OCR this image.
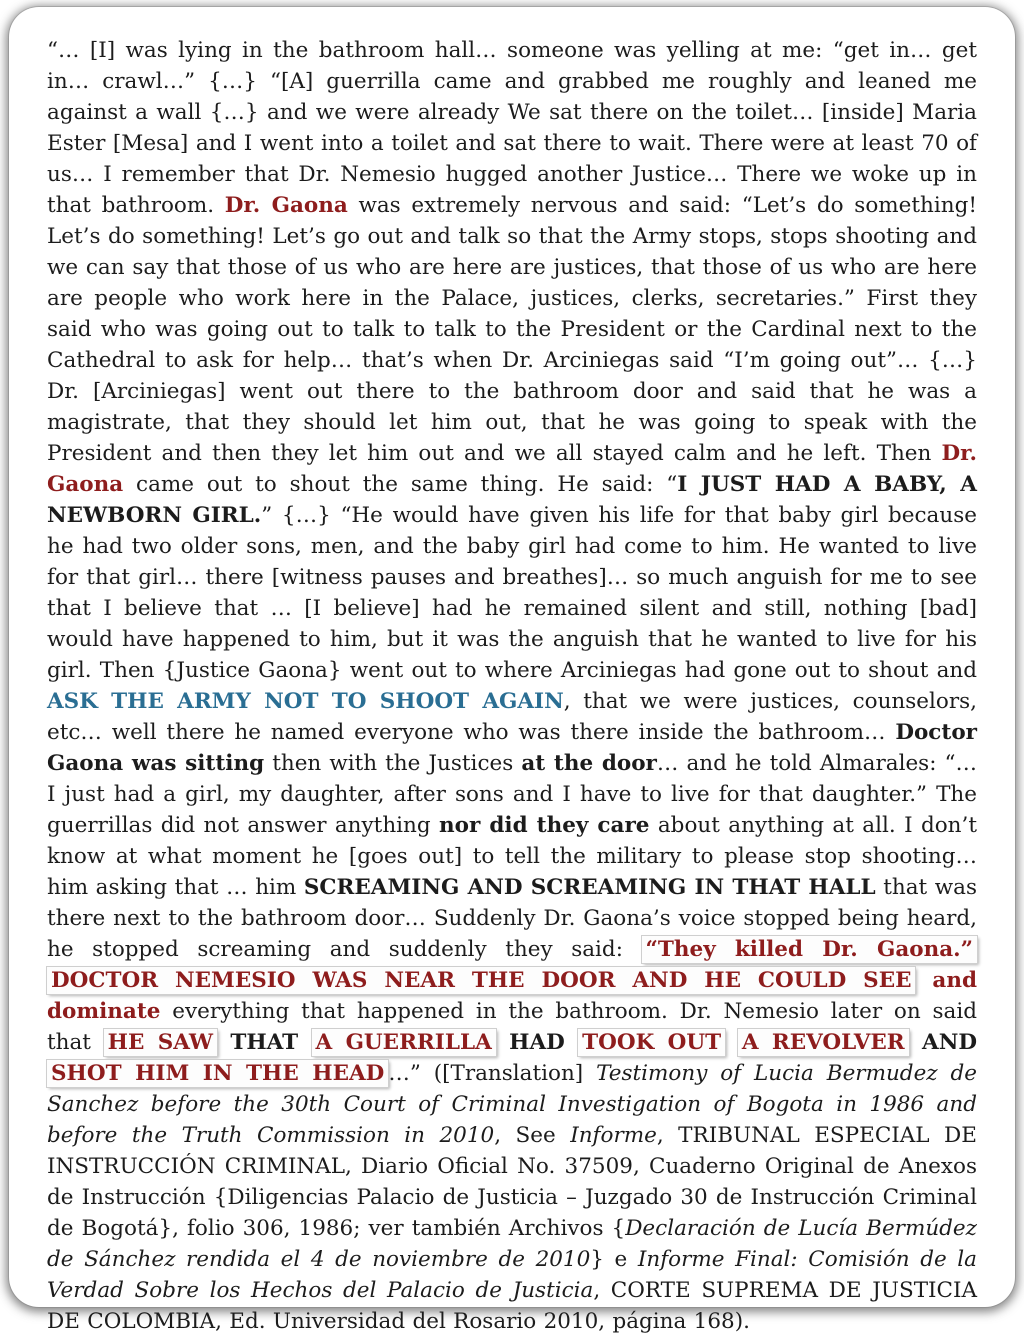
“… [I] was lying in the bathroom hall… someone was yelling at me: “get in… get in… crawl…” {…} “[A] guerrilla came and grabbed me roughly and leaned me against a wall {…} and we were already We sat there on the toilet… [inside] Maria Ester [Mesa] and I went into a toilet and sat there to wait. There were at least 70 of us… I remember that Dr. Nemesio hugged another Justice… There we woke up in that bathroom. Dr. Gaona was extremely nervous and said: “Let’s do something! Let’s do something! Let’s go out and talk so that the Army stops, stops shooting and we can say that those of us who are here are justices, that those of us who are here are people who work here in the Palace, justices, clerks, secretaries.” First they said who was going out to talk to talk to the President or the Cardinal next to the Cathedral to ask for help… that’s when Dr. Arciniegas said “I’m going out”… {…} Dr. [Arciniegas] went out there to the bathroom door and said that he was a magistrate, that they should let him out, that he was going to speak with the President and then they let him out and we all stayed calm and he left. Then Dr. Gaona came out to shout the same thing. He said: “I JUST HAD A BABY, A NEWBORN GIRL.” {…} “He would have given his life for that baby girl because he had two older sons, men, and the baby girl had come to him. He wanted to live for that girl… there [witness pauses and breathes]… so much anguish for me to see that I believe that … [I believe] had he remained silent and still, nothing [bad] would have happened to him, but it was the anguish that he wanted to live for his girl. Then {Justice Gaona} went out to where Arciniegas had gone out to shout and ASK THE ARMY NOT TO SHOOT AGAIN, that we were justices, counselors, etc… well there he named everyone who was there inside the bathroom… Doctor Gaona was sitting then with the Justices at the door… and he told Almarales: “… I just had a girl, my daughter, after sons and I have to live for that daughter.” The guerrillas did not answer anything nor did they care about anything at all. I don’t know at what moment he [goes out] to tell the military to please stop shooting… him asking that … him SCREAMING AND SCREAMING IN THAT HALL that was there next to the bathroom door… Suddenly Dr. Gaona’s voice stopped being heard, he stopped screaming and suddenly they said: “They killed Dr. Gaona.” DOCTOR NEMESIO WAS NEAR THE DOOR AND HE COULD SEE and dominate everything that happened in the bathroom. Dr. Nemesio later on said that HE SAW THAT A GUERRILLA HAD TOOK OUT A REVOLVER AND SHOT HIM IN THE HEAD …” ([Translation] Testimony of Lucia Bermudez de Sanchez before the 30th Court of Criminal Investigation of Bogota in 1986 and before the Truth Commission in 2010, See Informe, TRIBUNAL ESPECIAL DE INSTRUCCIÓN CRIMINAL, Diario Oficial No. 37509, Cuaderno Original de Anexos de Instrucción {Diligencias Palacio de Justicia – Juzgado 30 de Instrucción Criminal de Bogotá}, folio 306, 1986; ver también Archivos {Declaración de Lucía Bermúdez de Sánchez rendida el 4 de noviembre de 2010} e Informe Final: Comisión de la Verdad Sobre los Hechos del Palacio de Justicia, CORTE SUPREMA DE JUSTICIA DE COLOMBIA, Ed. Universidad del Rosario 2010, página 168).
